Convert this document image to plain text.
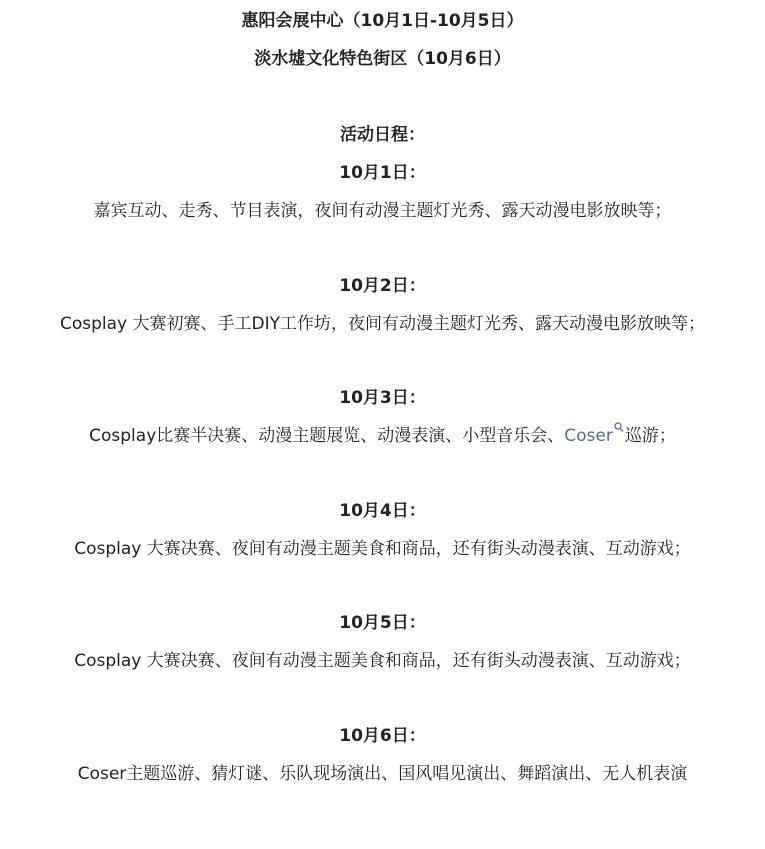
惠阳会展中心（10月1日-10月5日）
淡水墟文化特色街区（10月6日）
活动日程：
10月1日：
嘉宾互动、走秀、节目表演，夜间有动漫主题灯光秀、露天动漫电影放映等；
10月2日：
Cosplay 大赛初赛、手工DIY工作坊，夜间有动漫主题灯光秀、露天动漫电影放映等；
10月3日：
Cosplay比赛半决赛、动漫主题展览、动漫表演、小型音乐会、Coser 巡游；
10月4日：
Cosplay 大赛决赛、夜间有动漫主题美食和商品，还有街头动漫表演、互动游戏；
10月5日：
Cosplay 大赛决赛、夜间有动漫主题美食和商品，还有街头动漫表演、互动游戏；
10月6日：
Coser主题巡游、猜灯谜、乐队现场演出、国风唱见演出、舞蹈演出、无人机表演
